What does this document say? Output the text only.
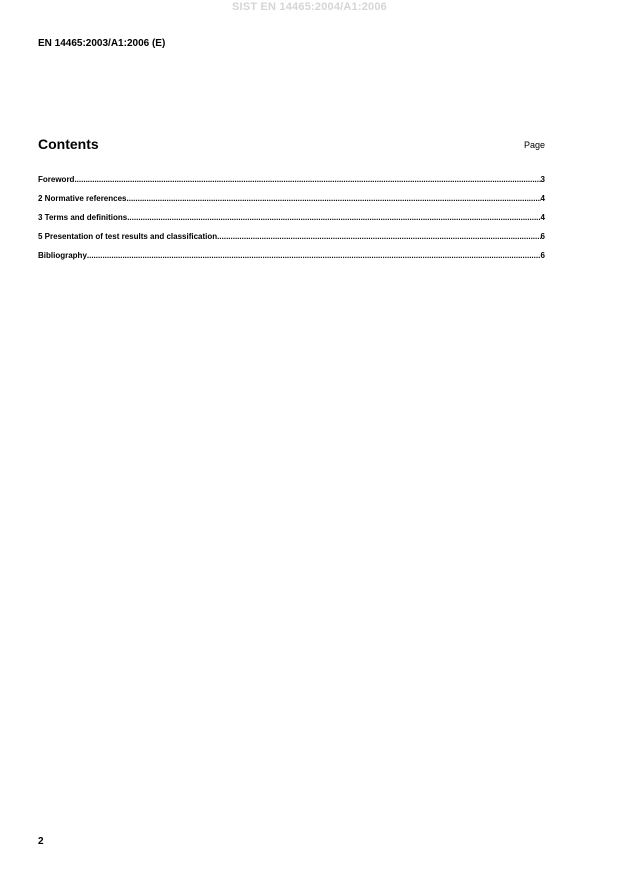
SIST EN 14465:2004/A1:2006
EN 14465:2003/A1:2006 (E)
Contents	Page
Foreword .....	3
2 Normative references .....	4
3 Terms and definitions .....	4
5 Presentation of test results and classification .....	6
Bibliography .....	6
2
